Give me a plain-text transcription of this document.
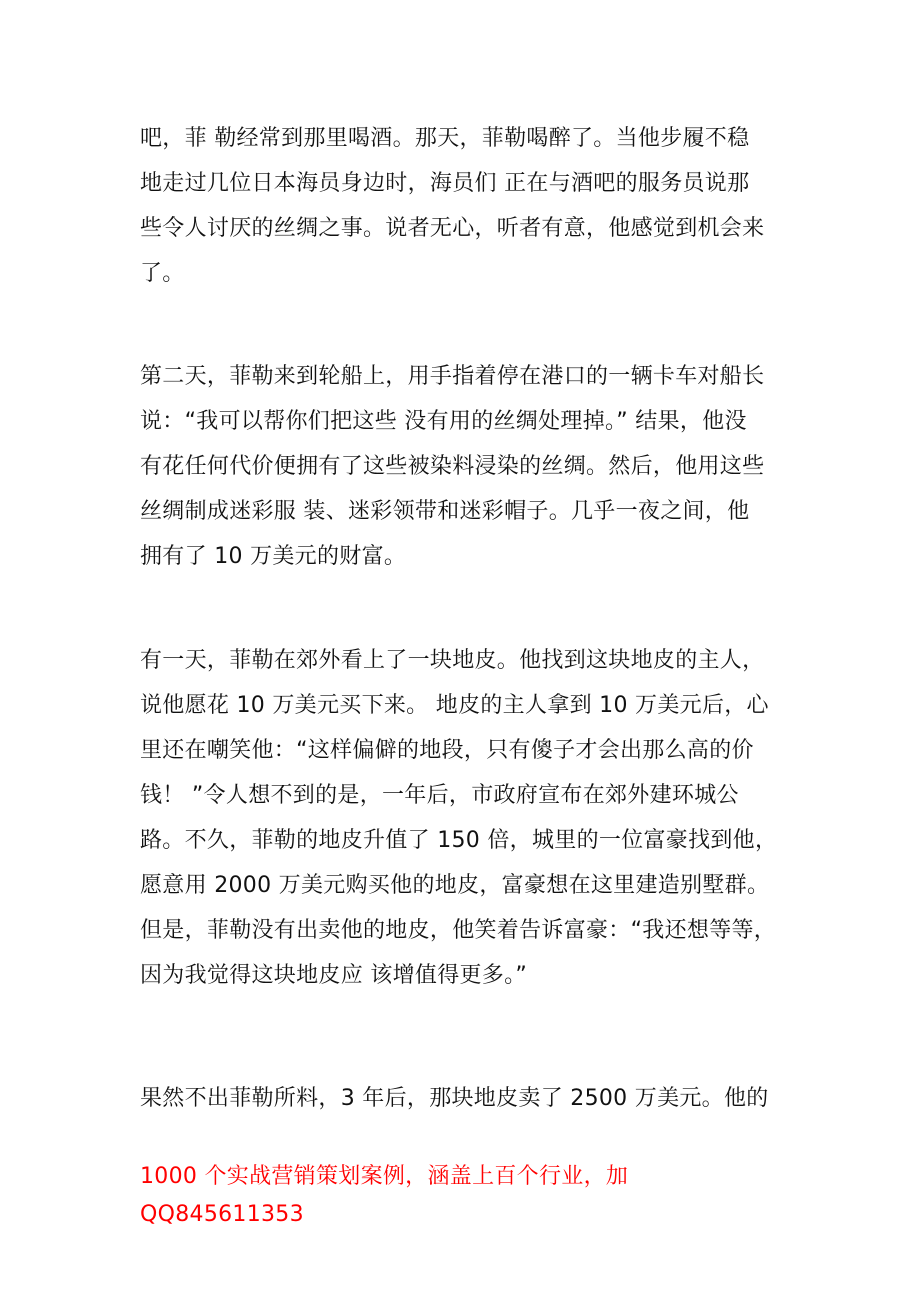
吧，菲 勒经常到那里喝酒。那天，菲勒喝醉了。当他步履不稳
地走过几位日本海员身边时，海员们 正在与酒吧的服务员说那
些令人讨厌的丝绸之事。说者无心，听者有意，他感觉到机会来
了。
第二天，菲勒来到轮船上，用手指着停在港口的一辆卡车对船长
说：“我可以帮你们把这些 没有用的丝绸处理掉。” 结果，他没
有花任何代价便拥有了这些被染料浸染的丝绸。然后，他用这些
丝绸制成迷彩服 装、迷彩领带和迷彩帽子。几乎一夜之间，他
拥有了 10 万美元的财富。
有一天，菲勒在郊外看上了一块地皮。他找到这块地皮的主人，
说他愿花 10 万美元买下来。 地皮的主人拿到 10 万美元后，心
里还在嘲笑他：“这样偏僻的地段，只有傻子才会出那么高的价
钱！ ”令人想不到的是，一年后，市政府宣布在郊外建环城公
路。不久，菲勒的地皮升值了 150 倍，城里的一位富豪找到他，
愿意用 2000 万美元购买他的地皮，富豪想在这里建造别墅群。
但是，菲勒没有出卖他的地皮，他笑着告诉富豪：“我还想等等，
因为我觉得这块地皮应 该增值得更多。”
果然不出菲勒所料，3 年后，那块地皮卖了 2500 万美元。他的
1000 个实战营销策划案例，涵盖上百个行业，加
QQ845611353
